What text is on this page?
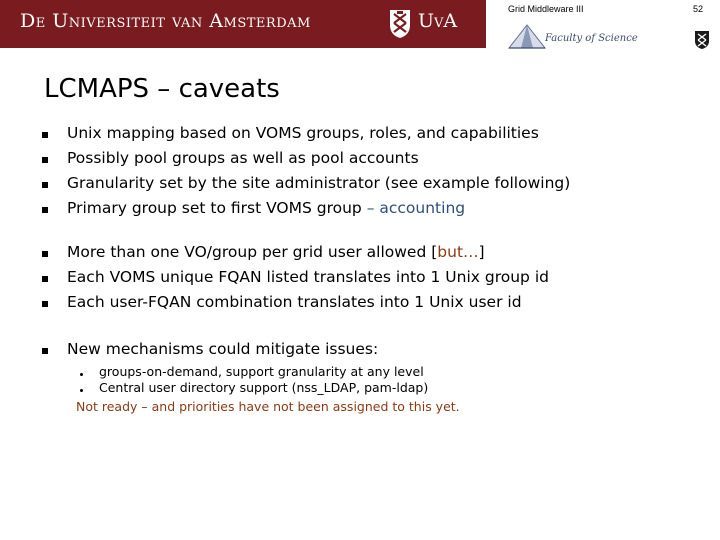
De Universiteit van Amsterdam	UvA
Grid Middleware III	52
Faculty of Science
LCMAPS – caveats
Unix mapping based on VOMS groups, roles, and capabilities
Possibly pool groups as well as pool accounts
Granularity set by the site administrator (see example following)
Primary group set to first VOMS group – accounting
More than one VO/group per grid user allowed [but…]
Each VOMS unique FQAN listed translates into 1 Unix group id
Each user-FQAN combination translates into 1 Unix user id
New mechanisms could mitigate issues:
groups-on-demand, support granularity at any level
Central user directory support (nss_LDAP, pam-ldap)
Not ready – and priorities have not been assigned to this yet.
